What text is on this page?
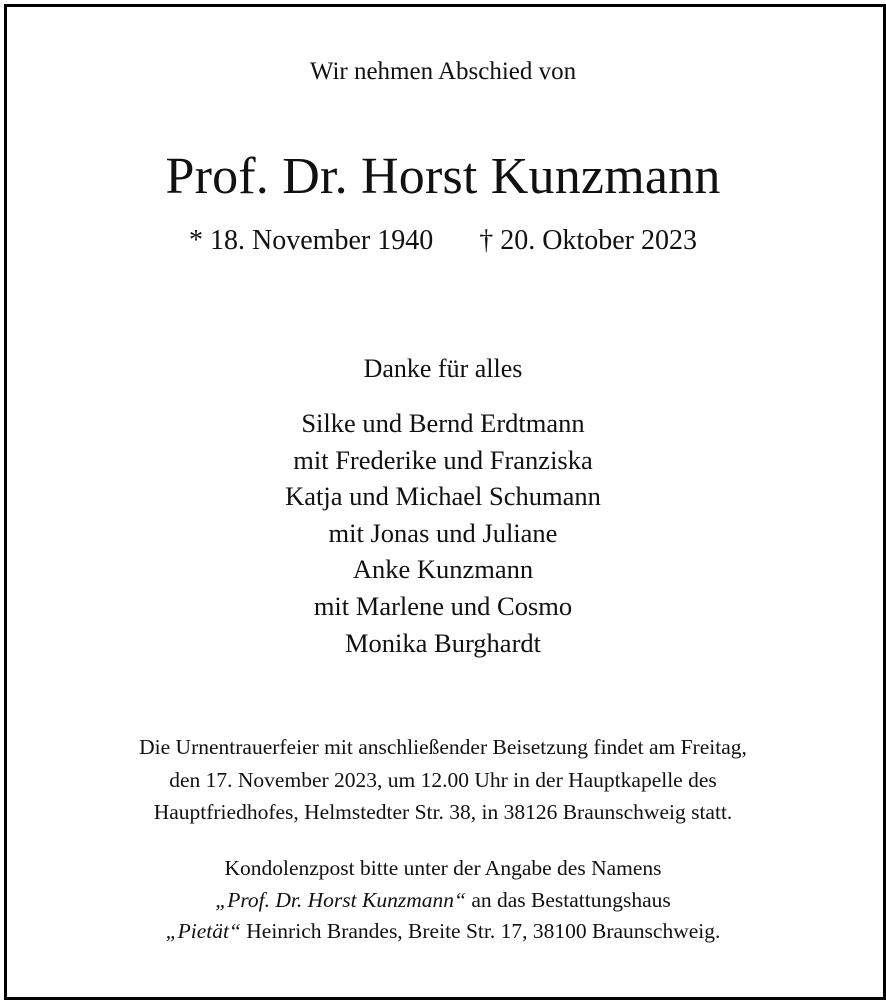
Wir nehmen Abschied von
Prof. Dr. Horst Kunzmann
* 18. November 1940 † 20. Oktober 2023
Danke für alles
Silke und Bernd Erdtmann
mit Frederike und Franziska
Katja und Michael Schumann
mit Jonas und Juliane
Anke Kunzmann
mit Marlene und Cosmo
Monika Burghardt
Die Urnentrauerfeier mit anschließender Beisetzung findet am Freitag,
den 17. November 2023, um 12.00 Uhr in der Hauptkapelle des
Hauptfriedhofes, Helmstedter Str. 38, in 38126 Braunschweig statt.
Kondolenzpost bitte unter der Angabe des Namens
„Prof. Dr. Horst Kunzmann“ an das Bestattungshaus
„Pietät“ Heinrich Brandes, Breite Str. 17, 38100 Braunschweig.
